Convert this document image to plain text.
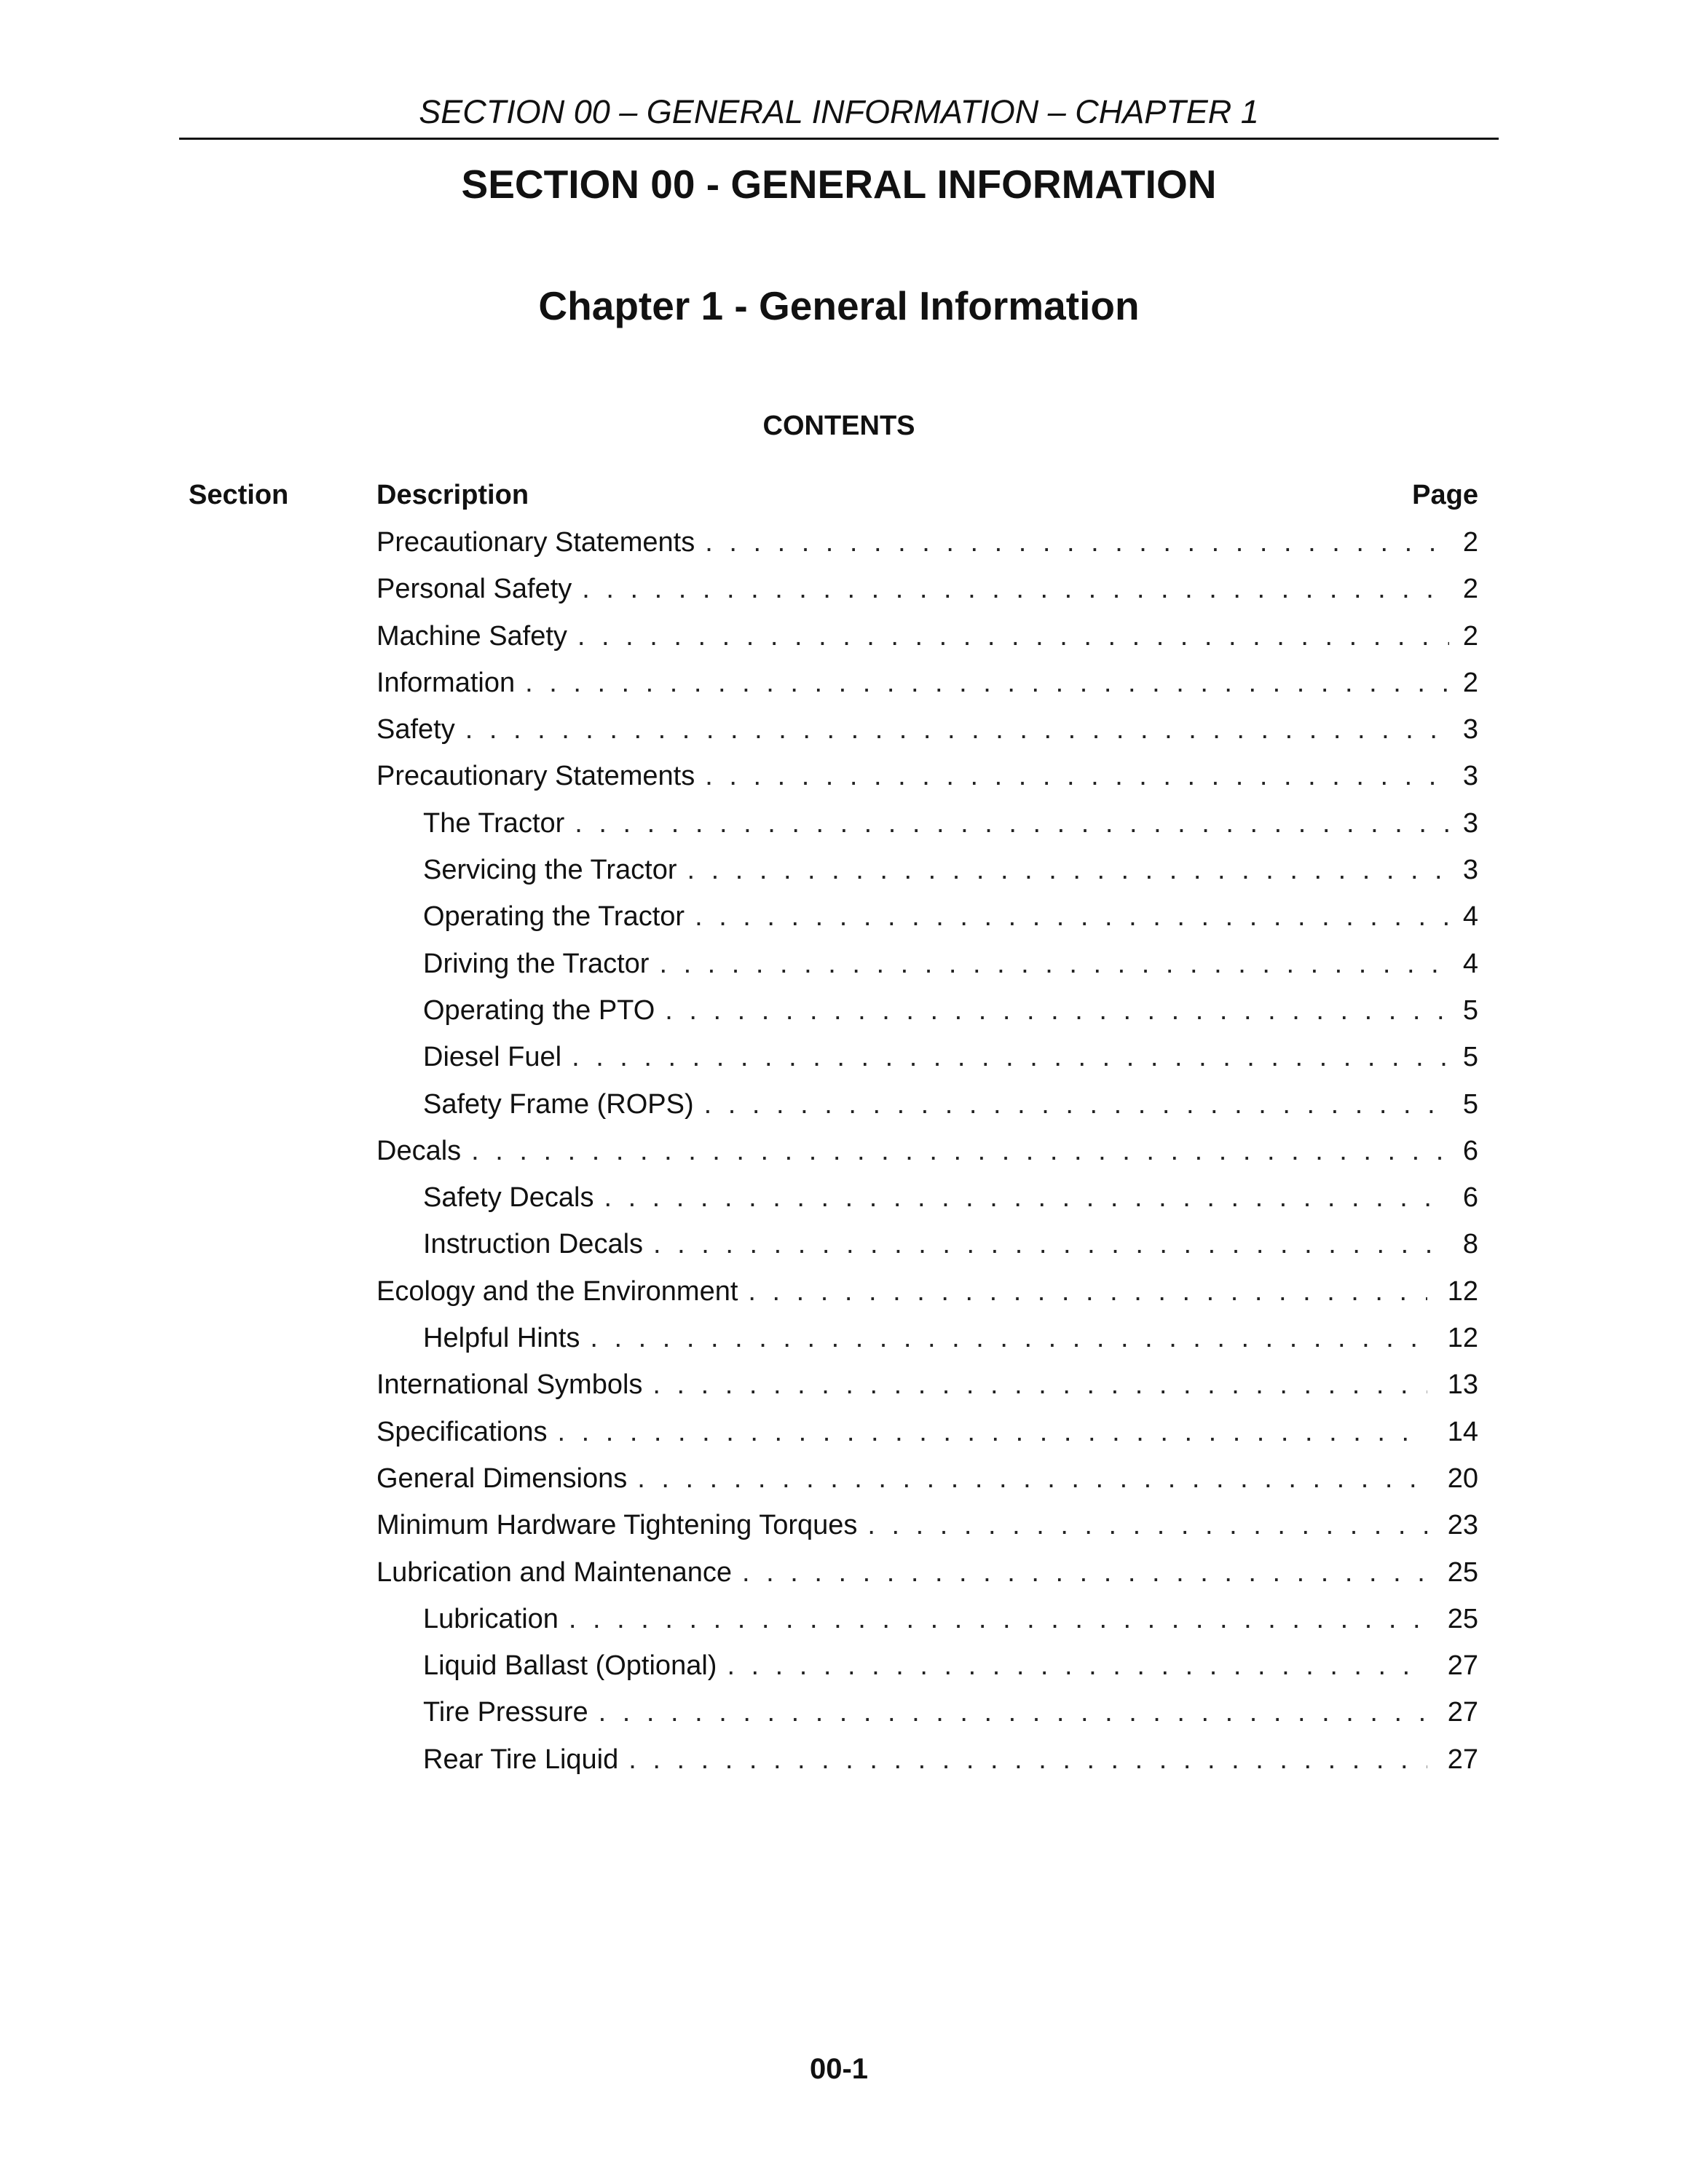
SECTION 00 – GENERAL INFORMATION – CHAPTER 1
SECTION 00 - GENERAL INFORMATION
Chapter 1 - General Information
CONTENTS
Section	Description	Page
Precautionary Statements . . .	2
Personal Safety . . .	2
Machine Safety . . .	2
Information . . .	2
Safety . . .	3
Precautionary Statements . . .	3
The Tractor . . .	3
Servicing the Tractor . . .	3
Operating the Tractor . . .	4
Driving the Tractor . . .	4
Operating the PTO . . .	5
Diesel Fuel . . .	5
Safety Frame (ROPS) . . .	5
Decals . . .	6
Safety Decals . . .	6
Instruction Decals . . .	8
Ecology and the Environment . . .	12
Helpful Hints . . .	12
International Symbols . . .	13
Specifications . . .	14
General Dimensions . . .	20
Minimum Hardware Tightening Torques . . .	23
Lubrication and Maintenance . . .	25
Lubrication . . .	25
Liquid Ballast (Optional) . . .	27
Tire Pressure . . .	27
Rear Tire Liquid . . .	27
00-1
